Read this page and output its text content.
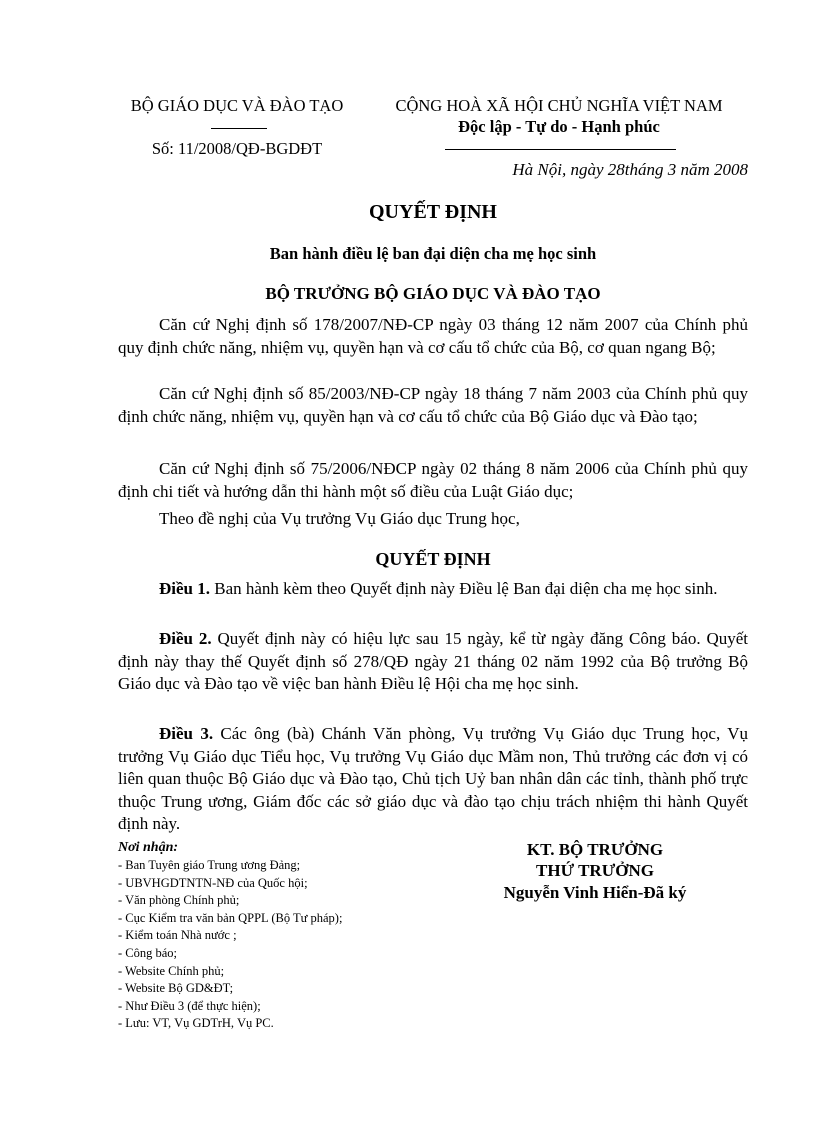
BỘ GIÁO DỤC VÀ ĐÀO TẠO
Số: 11/2008/QĐ-BGDĐT
CỘNG HOÀ XÃ HỘI CHỦ NGHĨA VIỆT NAM
Độc lập - Tự do - Hạnh phúc
Hà Nội, ngày 28tháng 3 năm 2008
QUYẾT ĐỊNH
Ban hành điều lệ ban đại diện cha mẹ học sinh
BỘ TRƯỞNG BỘ GIÁO DỤC VÀ ĐÀO TẠO

Căn cứ Nghị định số 178/2007/NĐ-CP ngày 03 tháng 12 năm 2007 của Chính phủ quy định chức năng, nhiệm vụ, quyền hạn và cơ cấu tổ chức của Bộ, cơ quan ngang Bộ;

Căn cứ Nghị định số 85/2003/NĐ-CP ngày 18 tháng 7 năm 2003 của Chính phủ quy định chức năng, nhiệm vụ, quyền hạn và cơ cấu tổ chức của Bộ Giáo dục và Đào tạo;

Căn cứ Nghị định số 75/2006/NĐCP ngày 02 tháng 8 năm 2006 của Chính phủ quy định chi tiết và hướng dẫn thi hành một số điều của Luật Giáo dục;

Theo đề nghị của Vụ trưởng Vụ Giáo dục Trung học,

QUYẾT ĐỊNH

Điều 1. Ban hành kèm theo Quyết định này Điều lệ Ban đại diện cha mẹ học sinh.

Điều 2. Quyết định này có hiệu lực sau 15 ngày, kể từ ngày đăng Công báo. Quyết định này thay thế Quyết định số 278/QĐ ngày 21 tháng 02 năm 1992 của Bộ trưởng Bộ Giáo dục và Đào tạo về việc ban hành Điều lệ Hội cha mẹ học sinh.

Điều 3. Các ông (bà) Chánh Văn phòng, Vụ trưởng Vụ Giáo dục Trung học, Vụ trưởng Vụ Giáo dục Tiểu học, Vụ trưởng Vụ Giáo dục Mầm non, Thủ trưởng các đơn vị có liên quan thuộc Bộ Giáo dục và Đào tạo, Chủ tịch Uỷ ban nhân dân các tỉnh, thành phố trực thuộc Trung ương, Giám đốc các sở giáo dục và đào tạo chịu trách nhiệm thi hành Quyết định này.

Nơi nhận:
- Ban Tuyên giáo Trung ương Đảng;
- UBVHGDTNTN-NĐ của Quốc hội;
- Văn phòng Chính phủ;
- Cục Kiểm tra văn bản QPPL (Bộ Tư pháp);
- Kiểm toán Nhà nước ;
- Công báo;
- Website Chính phủ;
- Website Bộ GD&ĐT;
- Như Điều 3 (để thực hiện);
- Lưu: VT, Vụ GDTrH, Vụ PC.
KT. BỘ TRƯỞNG
THỨ TRƯỞNG
Nguyễn Vinh Hiển-Đã ký
